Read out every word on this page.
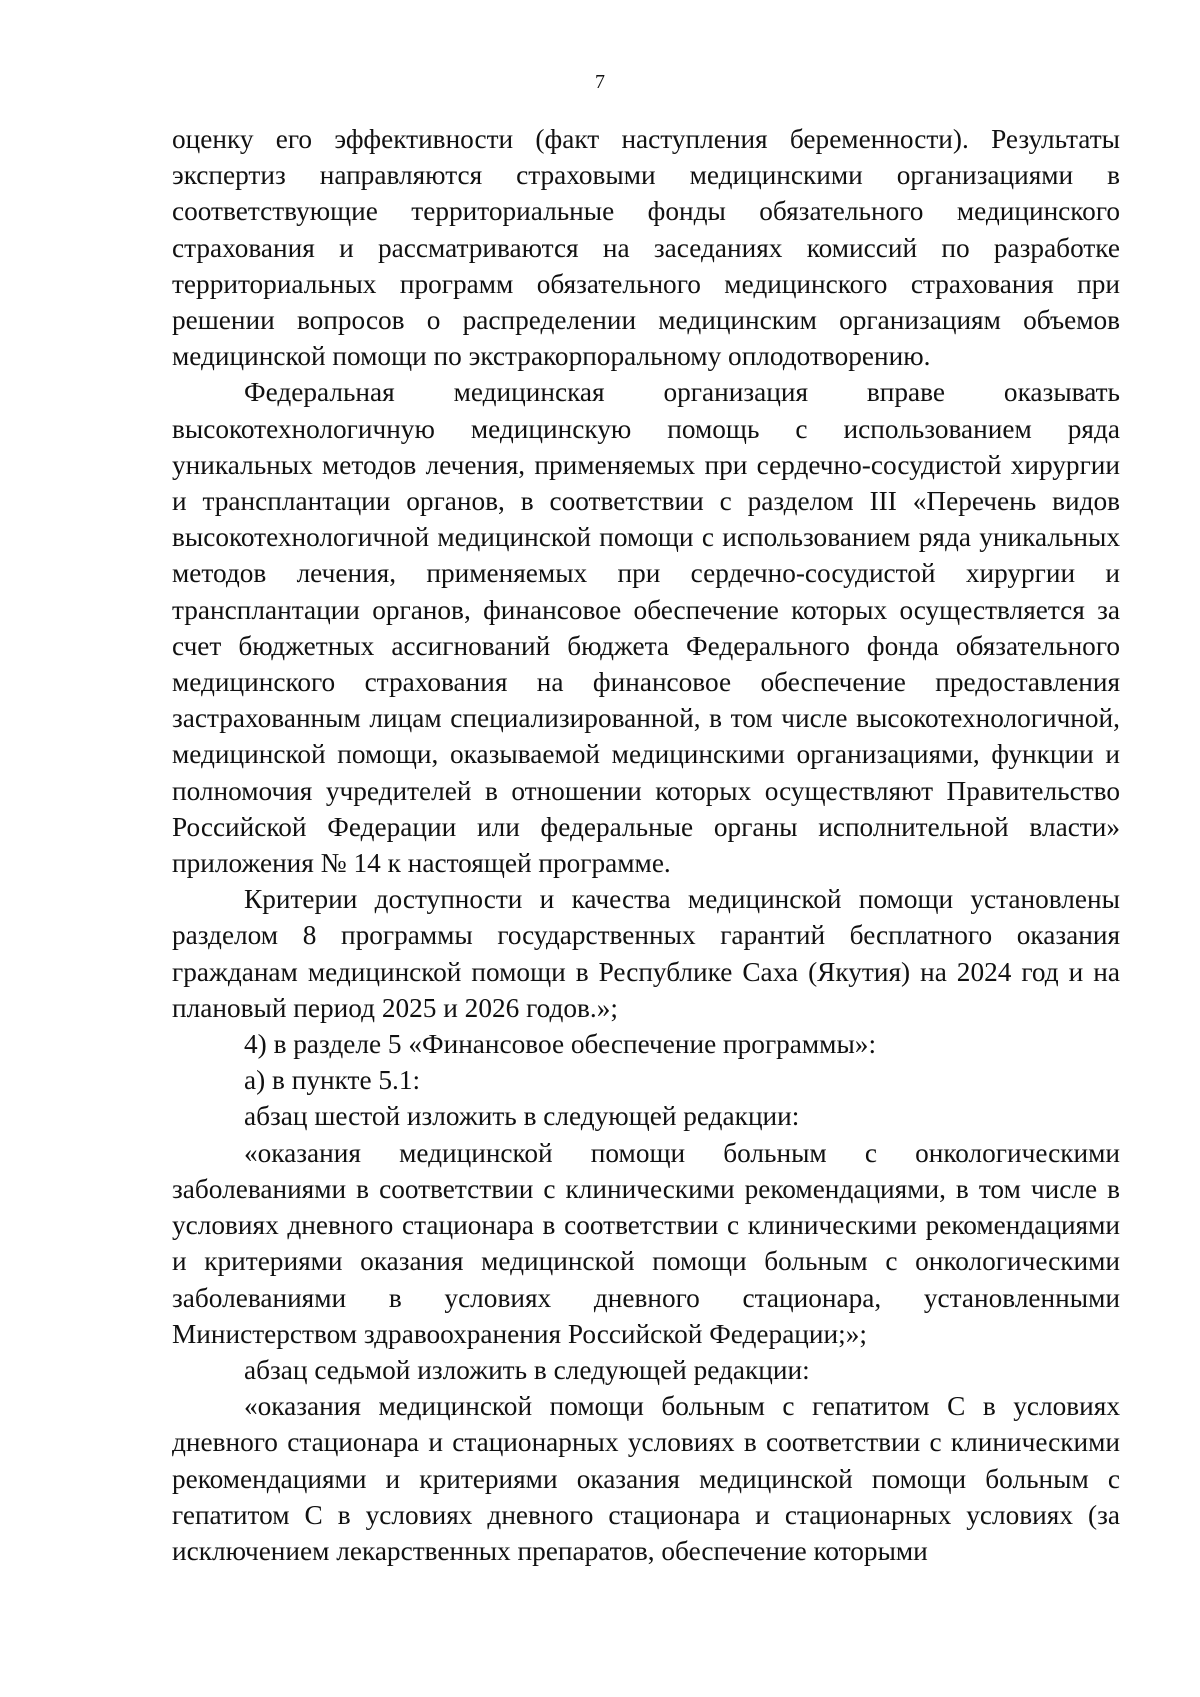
7

оценку его эффективности (факт наступления беременности). Результаты экспертиз направляются страховыми медицинскими организациями в соответствующие территориальные фонды обязательного медицинского страхования и рассматриваются на заседаниях комиссий по разработке территориальных программ обязательного медицинского страхования при решении вопросов о распределении медицинским организациям объемов медицинской помощи по экстракорпоральному оплодотворению.

Федеральная медицинская организация вправе оказывать высокотехнологичную медицинскую помощь с использованием ряда уникальных методов лечения, применяемых при сердечно-сосудистой хирургии и трансплантации органов, в соответствии с разделом III «Перечень видов высокотехнологичной медицинской помощи с использованием ряда уникальных методов лечения, применяемых при сердечно-сосудистой хирургии и трансплантации органов, финансовое обеспечение которых осуществляется за счет бюджетных ассигнований бюджета Федерального фонда обязательного медицинского страхования на финансовое обеспечение предоставления застрахованным лицам специализированной, в том числе высокотехнологичной, медицинской помощи, оказываемой медицинскими организациями, функции и полномочия учредителей в отношении которых осуществляют Правительство Российской Федерации или федеральные органы исполнительной власти» приложения № 14 к настоящей программе.

Критерии доступности и качества медицинской помощи установлены разделом 8 программы государственных гарантий бесплатного оказания гражданам медицинской помощи в Республике Саха (Якутия) на 2024 год и на плановый период 2025 и 2026 годов.»;

4) в разделе 5 «Финансовое обеспечение программы»:

а) в пункте 5.1:

абзац шестой изложить в следующей редакции:

«оказания медицинской помощи больным с онкологическими заболеваниями в соответствии с клиническими рекомендациями, в том числе в условиях дневного стационара в соответствии с клиническими рекомендациями и критериями оказания медицинской помощи больным с онкологическими заболеваниями в условиях дневного стационара, установленными Министерством здравоохранения Российской Федерации;»;

абзац седьмой изложить в следующей редакции:

«оказания медицинской помощи больным с гепатитом С в условиях дневного стационара и стационарных условиях в соответствии с клиническими рекомендациями и критериями оказания медицинской помощи больным с гепатитом С в условиях дневного стационара и стационарных условиях (за исключением лекарственных препаратов, обеспечение которыми
